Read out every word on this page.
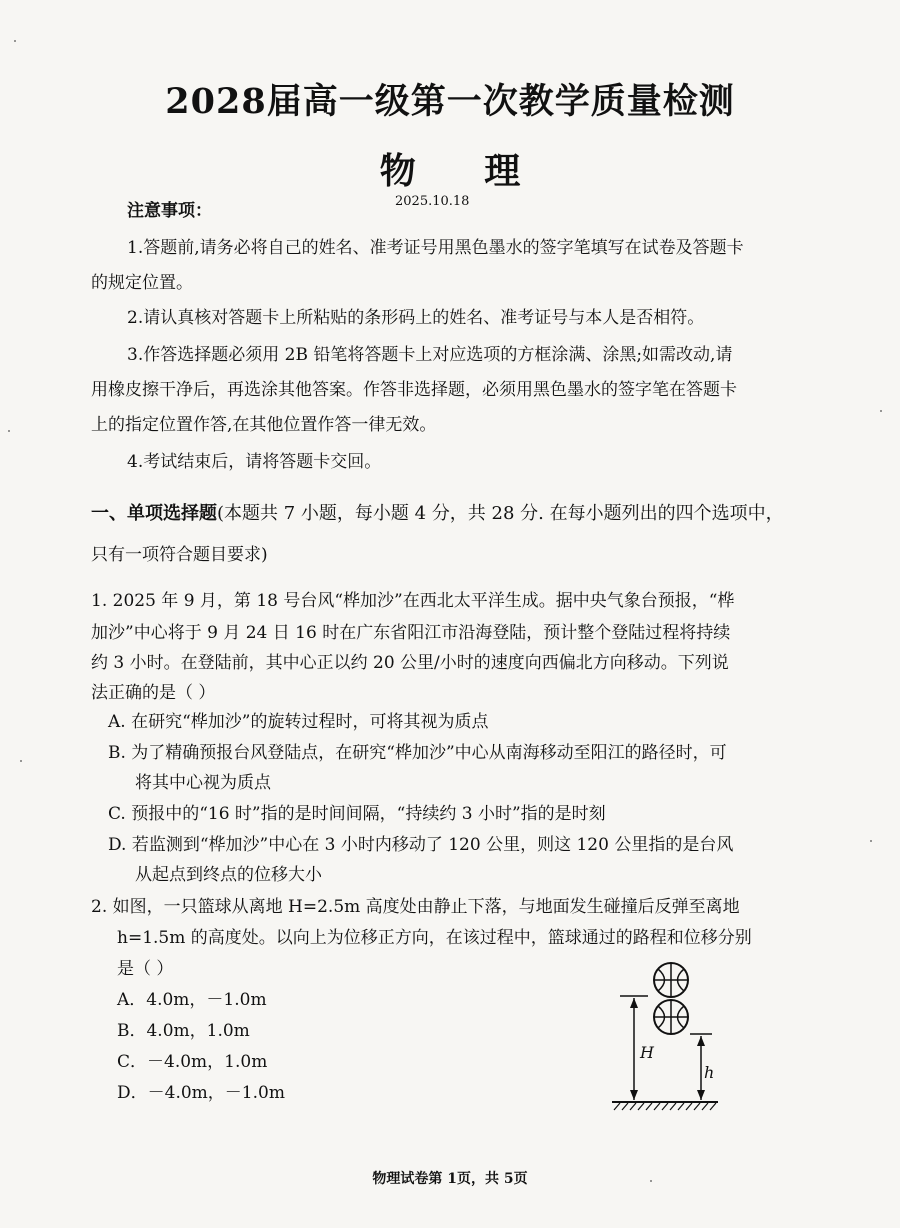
2028届高一级第一次教学质量检测
物 理
注意事项：	2025.10.18
1.答题前,请务必将自己的姓名、准考证号用黑色墨水的签字笔填写在试卷及答题卡
的规定位置。
2.请认真核对答题卡上所粘贴的条形码上的姓名、准考证号与本人是否相符。
3.作答选择题必须用 2B 铅笔将答题卡上对应选项的方框涂满、涂黑;如需改动,请
用橡皮擦干净后，再选涂其他答案。作答非选择题，必须用黑色墨水的签字笔在答题卡
上的指定位置作答,在其他位置作答一律无效。
4.考试结束后，请将答题卡交回。
一、单项选择题(本题共 7 小题，每小题 4 分，共 28 分. 在每小题列出的四个选项中，
只有一项符合题目要求)
1. 2025 年 9 月，第 18 号台风“桦加沙”在西北太平洋生成。据中央气象台预报，“桦
加沙”中心将于 9 月 24 日 16 时在广东省阳江市沿海登陆，预计整个登陆过程将持续
约 3 小时。在登陆前，其中心正以约 20 公里/小时的速度向西偏北方向移动。下列说
法正确的是（ ）
A. 在研究“桦加沙”的旋转过程时，可将其视为质点
B. 为了精确预报台风登陆点，在研究“桦加沙”中心从南海移动至阳江的路径时，可
将其中心视为质点
C. 预报中的“16 时”指的是时间间隔，“持续约 3 小时”指的是时刻
D. 若监测到“桦加沙”中心在 3 小时内移动了 120 公里，则这 120 公里指的是台风
从起点到终点的位移大小
2. 如图，一只篮球从离地 H=2.5m 高度处由静止下落，与地面发生碰撞后反弹至离地
h=1.5m 的高度处。以向上为位移正方向，在该过程中，篮球通过的路程和位移分别
是（ ）
A．4.0m，－1.0m
B．4.0m，1.0m
C．－4.0m，1.0m
D．－4.0m，－1.0m
H
h
物理试卷第 1页，共 5页
